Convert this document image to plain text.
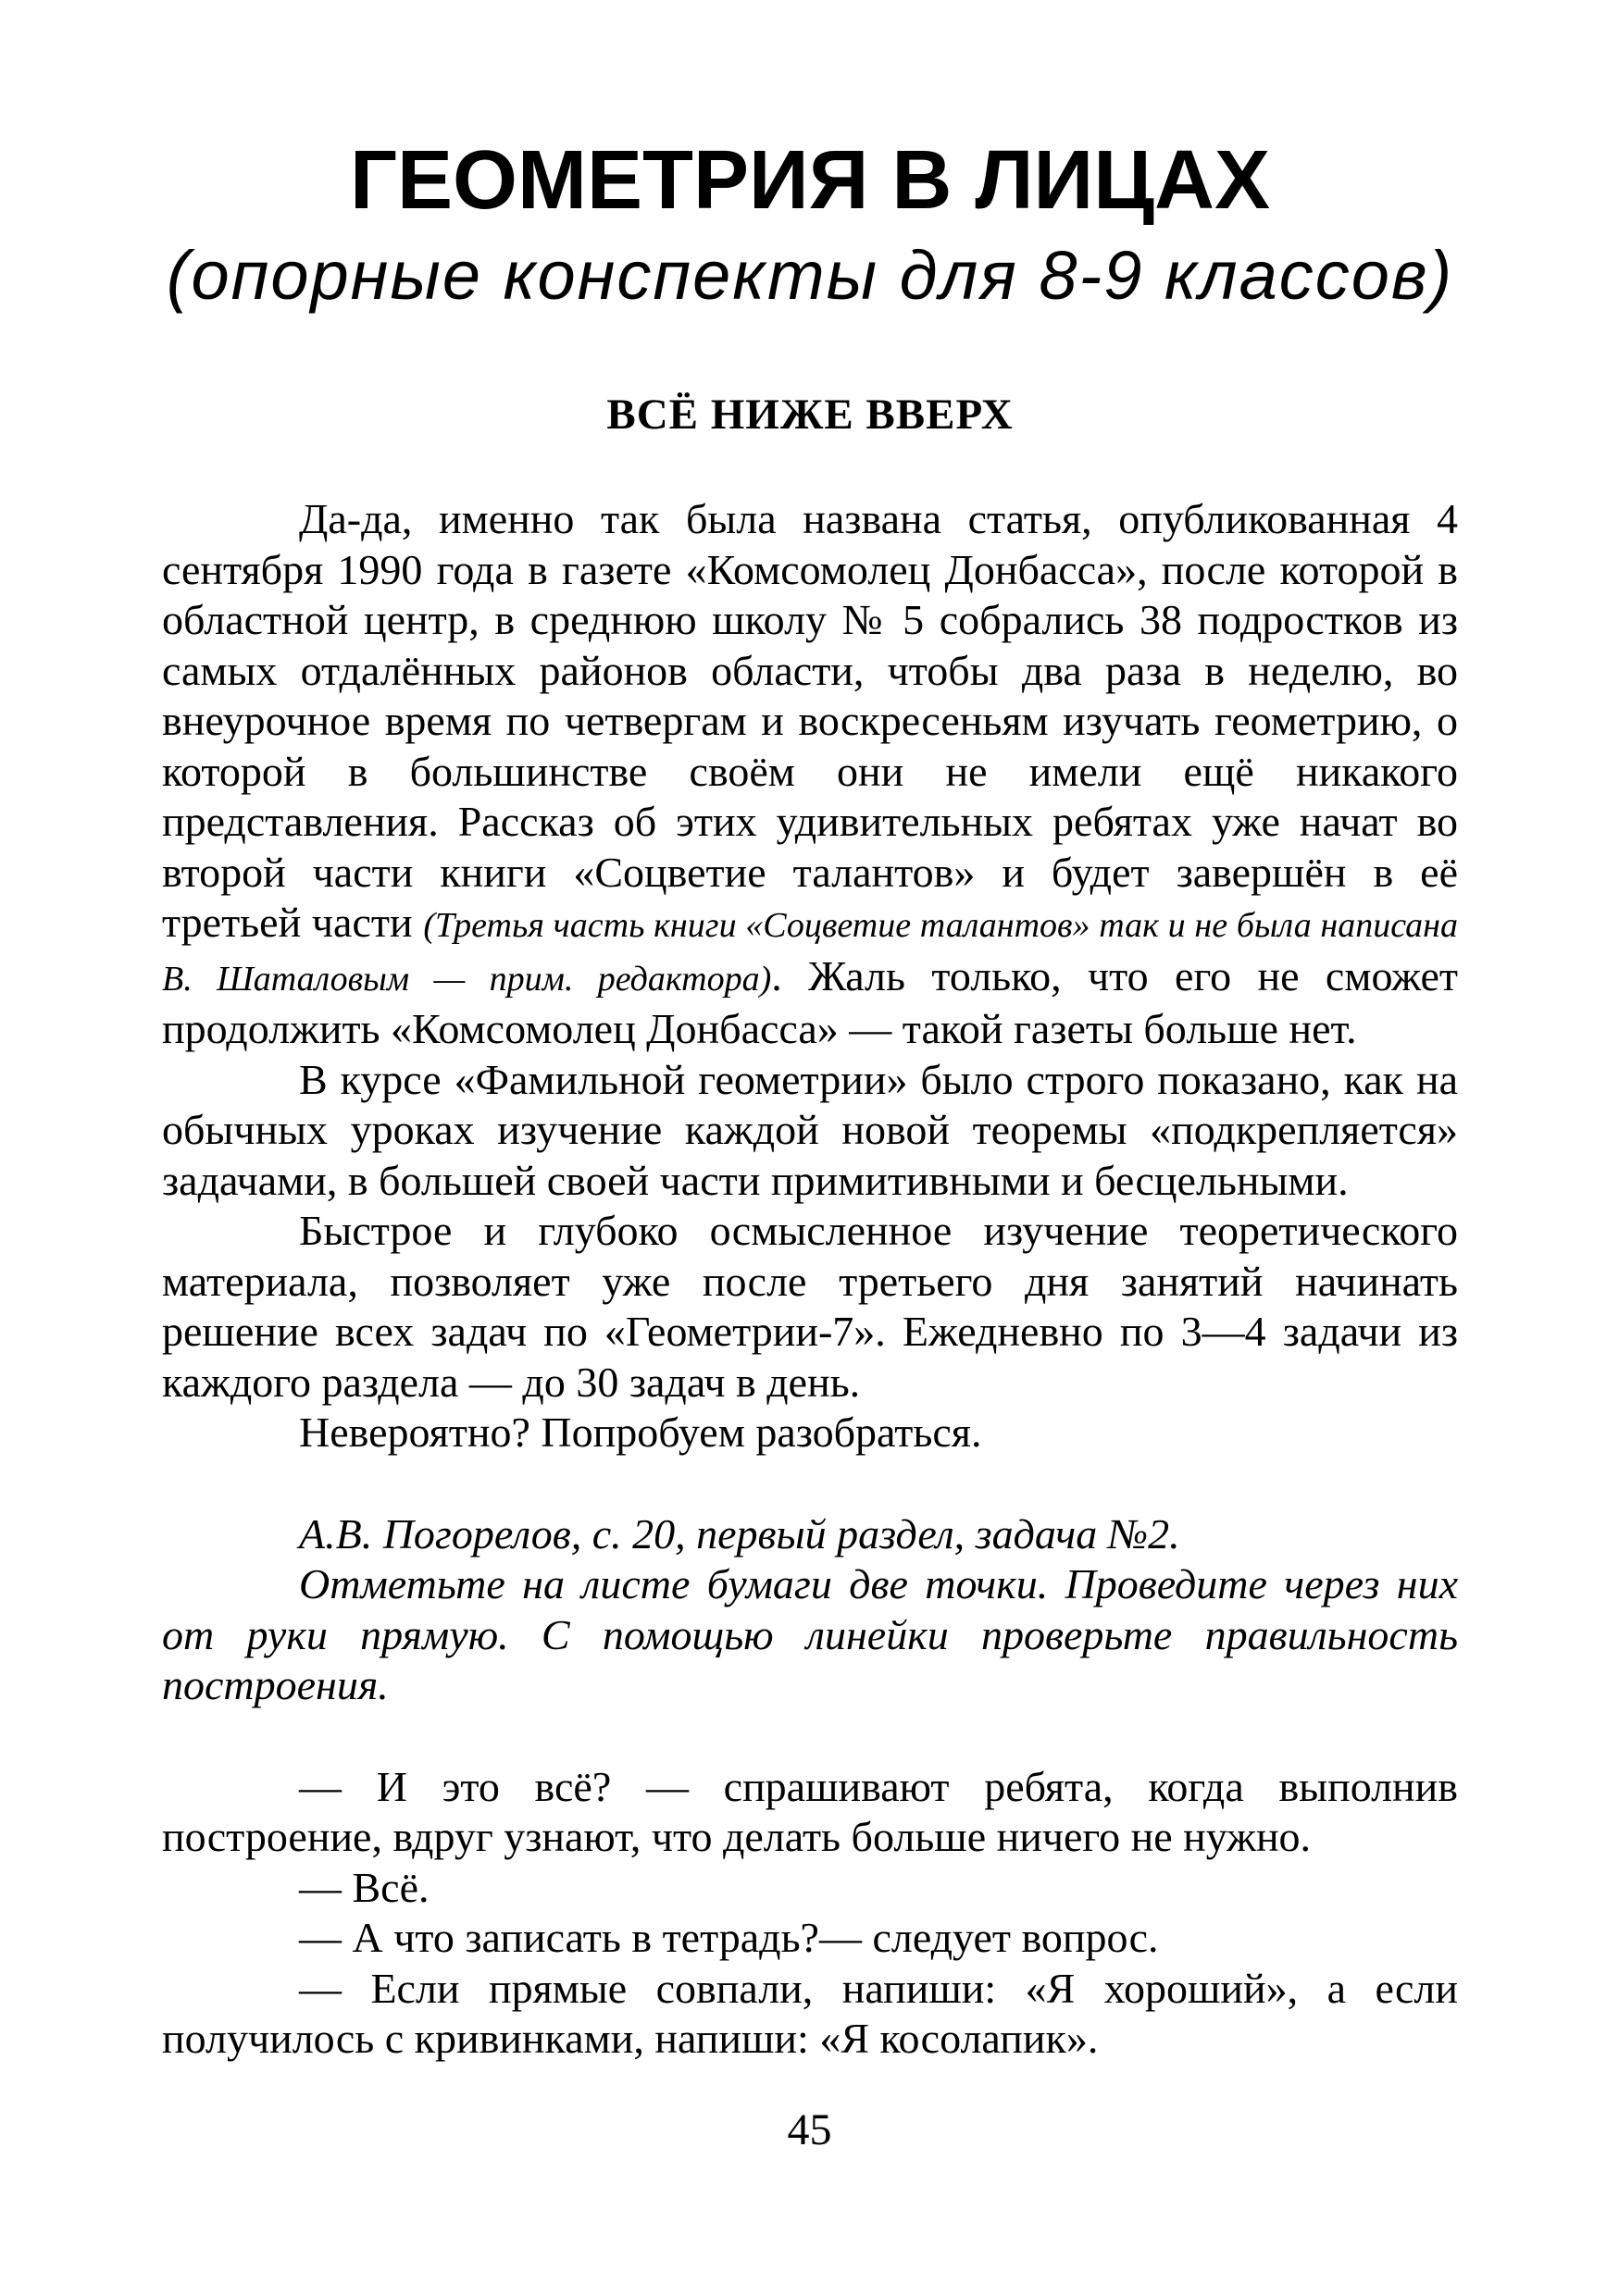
ГЕОМЕТРИЯ В ЛИЦАХ
(опорные конспекты для 8-9 классов)
ВСЁ НИЖЕ ВВЕРХ

Да-да, именно так была названа статья, опубликованная 4 сентября 1990 года в газете «Комсомолец Донбасса», после которой в областной центр, в среднюю школу № 5 собрались 38 подростков из самых отдалённых районов области, чтобы два раза в неделю, во внеурочное время по четвергам и воскресеньям изучать геометрию, о которой в большинстве своём они не имели ещё никакого представления. Рассказ об этих удивительных ребятах уже начат во второй части книги «Соцветие талантов» и будет завершён в её третьей части (Третья часть книги «Соцветие талантов» так и не была написана В. Шаталовым — прим. редактора). Жаль только, что его не сможет продолжить «Комсомолец Донбасса» — такой газеты больше нет.

В курсе «Фамильной геометрии» было строго показано, как на обычных уроках изучение каждой новой теоремы «подкрепляется» задачами, в большей своей части примитивными и бесцельными.

Быстрое и глубоко осмысленное изучение теоретического материала, позволяет уже после третьего дня занятий начинать решение всех задач по «Геометрии-7». Ежедневно по 3—4 задачи из каждого раздела — до 30 задач в день.

Невероятно? Попробуем разобраться.

А.В. Погорелов, с. 20, первый раздел, задача №2.

Отметьте на листе бумаги две точки. Проведите через них от руки прямую. С помощью линейки проверьте правильность построения.

— И это всё? — спрашивают ребята, когда выполнив построение, вдруг узнают, что делать больше ничего не нужно.

— Всё.

— А что записать в тетрадь?— следует вопрос.

— Если прямые совпали, напиши: «Я хороший», а если получилось с кривинками, напиши: «Я косолапик».

45
